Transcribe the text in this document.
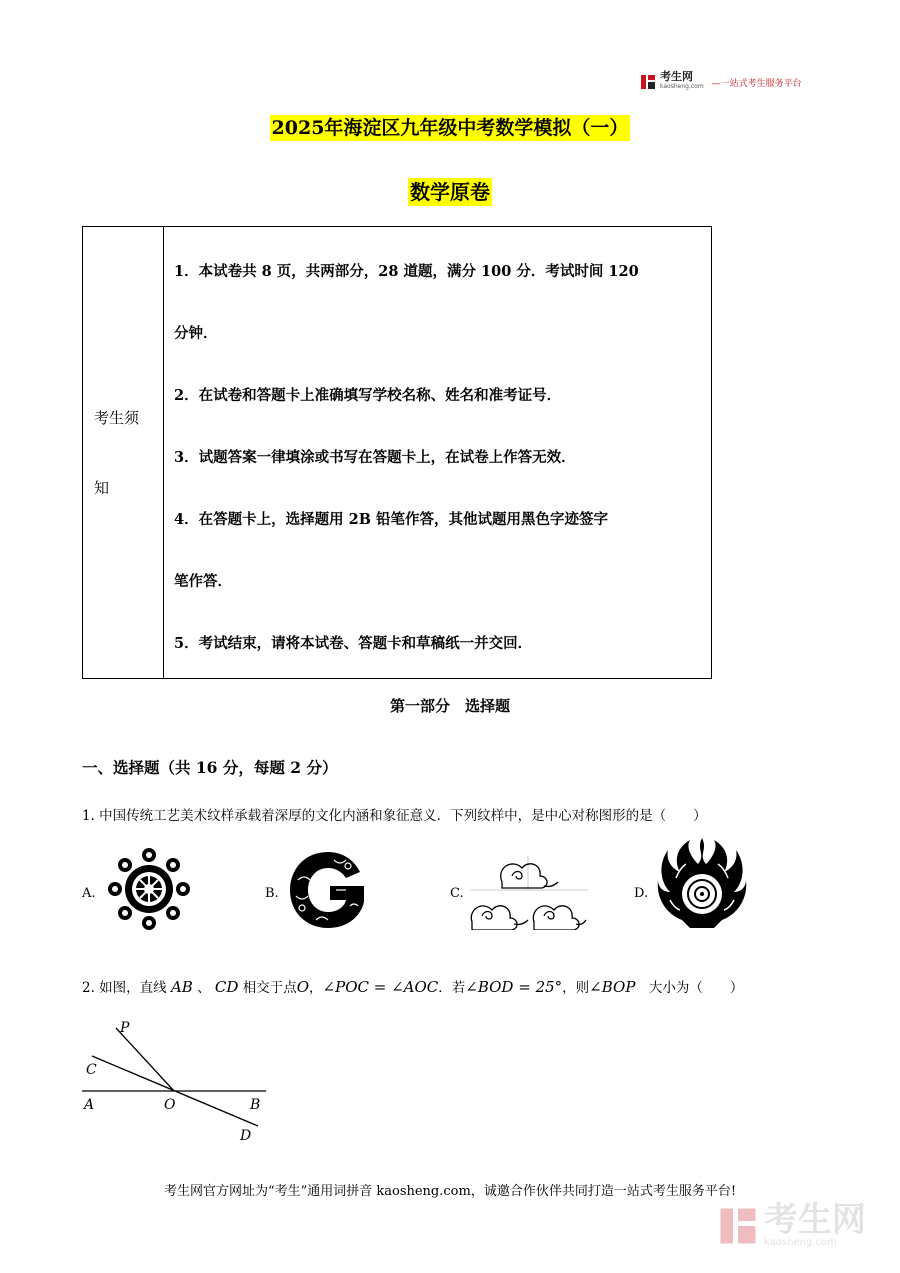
考生网
kaosheng.com —一站式考生服务平台
2025年海淀区九年级中考数学模拟（一）
数学原卷
考生须
知

1．本试卷共 8 页，共两部分，28 道题，满分 100 分．考试时间 120
分钟．
2．在试卷和答题卡上准确填写学校名称、姓名和准考证号．
3．试题答案一律填涂或书写在答题卡上，在试卷上作答无效．
4．在答题卡上，选择题用 2B 铅笔作答，其他试题用黑色字迹签字
笔作答．
5．考试结束，请将本试卷、答题卡和草稿纸一并交回．
第一部分　选择题
一、选择题（共 16 分，每题 2 分）
1. 中国传统工艺美术纹样承载着深厚的文化内涵和象征意义．下列纹样中，是中心对称图形的是（　　）
A.	B.	C.	D.
2. 如图，直线 AB 、 CD 相交于点O，∠POC = ∠AOC．若∠BOD = 25°，则∠BOP　大小为（　　）
P
C
A	O	B
D
考生网官方网址为“考生”通用词拼音 kaosheng.com，诚邀合作伙伴共同打造一站式考生服务平台!
考生网
kaosheng.com
